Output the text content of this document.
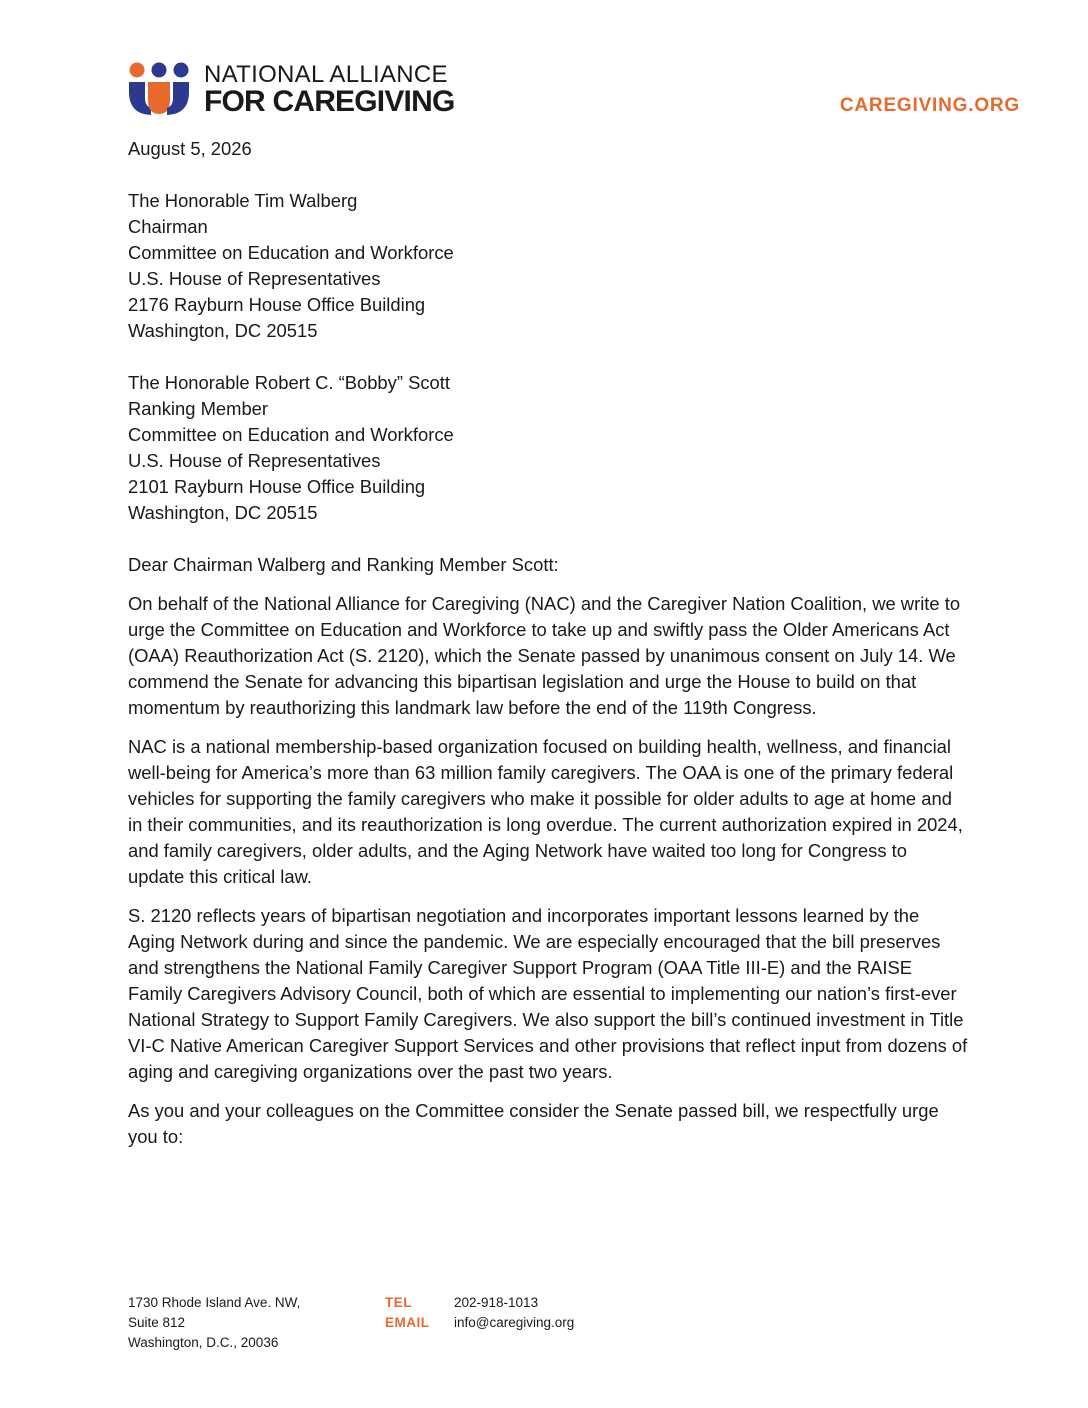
NATIONAL ALLIANCE
FOR CAREGIVING	CAREGIVING.ORG

August 5, 2026

The Honorable Tim Walberg
Chairman
Committee on Education and Workforce
U.S. House of Representatives
2176 Rayburn House Office Building
Washington, DC 20515
The Honorable Robert C. “Bobby” Scott
Ranking Member
Committee on Education and Workforce
U.S. House of Representatives
2101 Rayburn House Office Building
Washington, DC 20515

Dear Chairman Walberg and Ranking Member Scott:

On behalf of the National Alliance for Caregiving (NAC) and the Caregiver Nation Coalition, we write to urge the Committee on Education and Workforce to take up and swiftly pass the Older Americans Act (OAA) Reauthorization Act (S. 2120), which the Senate passed by unanimous consent on July 14. We commend the Senate for advancing this bipartisan legislation and urge the House to build on that momentum by reauthorizing this landmark law before the end of the 119th Congress.

NAC is a national membership-based organization focused on building health, wellness, and financial well-being for America’s more than 63 million family caregivers. The OAA is one of the primary federal vehicles for supporting the family caregivers who make it possible for older adults to age at home and in their communities, and its reauthorization is long overdue. The current authorization expired in 2024, and family caregivers, older adults, and the Aging Network have waited too long for Congress to update this critical law.

S. 2120 reflects years of bipartisan negotiation and incorporates important lessons learned by the Aging Network during and since the pandemic. We are especially encouraged that the bill preserves and strengthens the National Family Caregiver Support Program (OAA Title III-E) and the RAISE Family Caregivers Advisory Council, both of which are essential to implementing our nation’s first-ever National Strategy to Support Family Caregivers. We also support the bill’s continued investment in Title VI-C Native American Caregiver Support Services and other provisions that reflect input from dozens of aging and caregiving organizations over the past two years.

As you and your colleagues on the Committee consider the Senate passed bill, we respectfully urge you to:

1730 Rhode Island Ave. NW,
Suite 812
Washington, D.C., 20036
TEL
EMAIL
202-918-1013
info@caregiving.org
